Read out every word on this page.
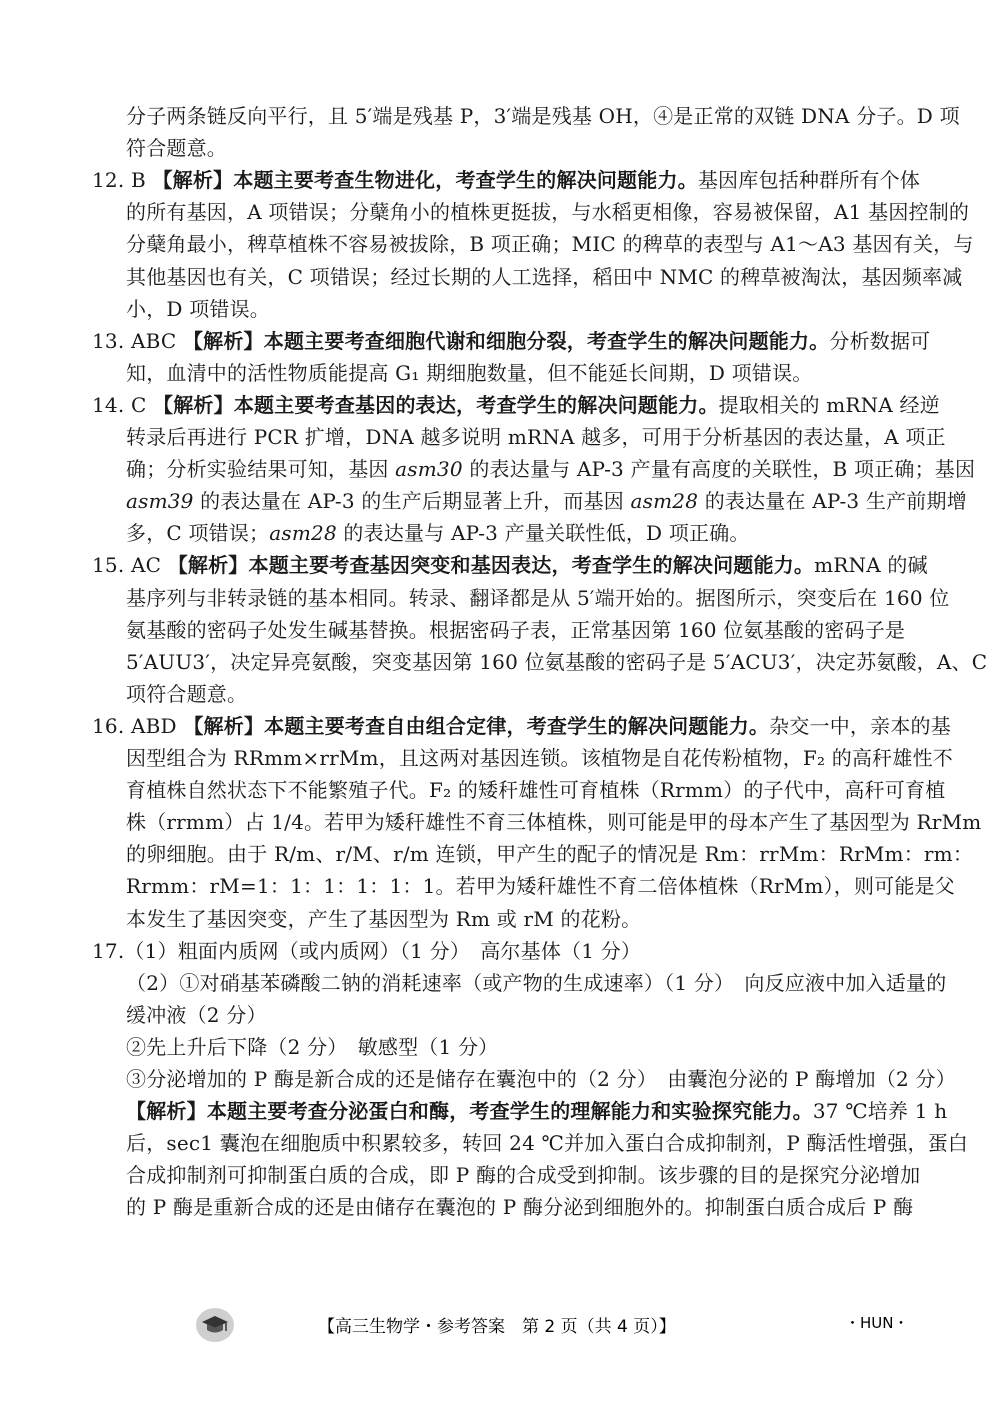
分子两条链反向平行，且 5′端是残基 P，3′端是残基 OH，④是正常的双链 DNA 分子。D 项
符合题意。
12. B 【解析】本题主要考查生物进化，考查学生的解决问题能力。基因库包括种群所有个体
的所有基因，A 项错误；分蘖角小的植株更挺拔，与水稻更相像，容易被保留，A1 基因控制的
分蘖角最小，稗草植株不容易被拔除，B 项正确；MIC 的稗草的表型与 A1～A3 基因有关，与
其他基因也有关，C 项错误；经过长期的人工选择，稻田中 NMC 的稗草被淘汰，基因频率减
小，D 项错误。
13. ABC 【解析】本题主要考查细胞代谢和细胞分裂，考查学生的解决问题能力。分析数据可
知，血清中的活性物质能提高 G₁ 期细胞数量，但不能延长间期，D 项错误。
14. C 【解析】本题主要考查基因的表达，考查学生的解决问题能力。提取相关的 mRNA 经逆
转录后再进行 PCR 扩增，DNA 越多说明 mRNA 越多，可用于分析基因的表达量，A 项正
确；分析实验结果可知，基因 asm30 的表达量与 AP-3 产量有高度的关联性，B 项正确；基因
asm39 的表达量在 AP-3 的生产后期显著上升，而基因 asm28 的表达量在 AP-3 生产前期增
多，C 项错误；asm28 的表达量与 AP-3 产量关联性低，D 项正确。
15. AC 【解析】本题主要考查基因突变和基因表达，考查学生的解决问题能力。mRNA 的碱
基序列与非转录链的基本相同。转录、翻译都是从 5′端开始的。据图所示，突变后在 160 位
氨基酸的密码子处发生碱基替换。根据密码子表，正常基因第 160 位氨基酸的密码子是
5′AUU3′，决定异亮氨酸，突变基因第 160 位氨基酸的密码子是 5′ACU3′，决定苏氨酸，A、C
项符合题意。
16. ABD 【解析】本题主要考查自由组合定律，考查学生的解决问题能力。杂交一中，亲本的基
因型组合为 RRmm×rrMm，且这两对基因连锁。该植物是自花传粉植物，F₂ 的高秆雄性不
育植株自然状态下不能繁殖子代。F₂ 的矮秆雄性可育植株（Rrmm）的子代中，高秆可育植
株（rrmm）占 1/4。若甲为矮秆雄性不育三体植株，则可能是甲的母本产生了基因型为 RrMm
的卵细胞。由于 R/m、r/M、r/m 连锁，甲产生的配子的情况是 Rm：rrMm：RrMm：rm：
Rrmm：rM=1：1：1：1：1：1。若甲为矮秆雄性不育二倍体植株（RrMm），则可能是父
本发生了基因突变，产生了基因型为 Rm 或 rM 的花粉。
17.（1）粗面内质网（或内质网）（1 分）　高尔基体（1 分）
（2）①对硝基苯磷酸二钠的消耗速率（或产物的生成速率）（1 分）　向反应液中加入适量的
缓冲液（2 分）
②先上升后下降（2 分）　敏感型（1 分）
③分泌增加的 P 酶是新合成的还是储存在囊泡中的（2 分）　由囊泡分泌的 P 酶增加（2 分）
【解析】本题主要考查分泌蛋白和酶，考查学生的理解能力和实验探究能力。37 ℃培养 1 h
后，sec1 囊泡在细胞质中积累较多，转回 24 ℃并加入蛋白合成抑制剂，P 酶活性增强，蛋白
合成抑制剂可抑制蛋白质的合成，即 P 酶的合成受到抑制。该步骤的目的是探究分泌增加
的 P 酶是重新合成的还是由储存在囊泡的 P 酶分泌到细胞外的。抑制蛋白质合成后 P 酶
【高三生物学・参考答案　第 2 页（共 4 页）】	・HUN・
